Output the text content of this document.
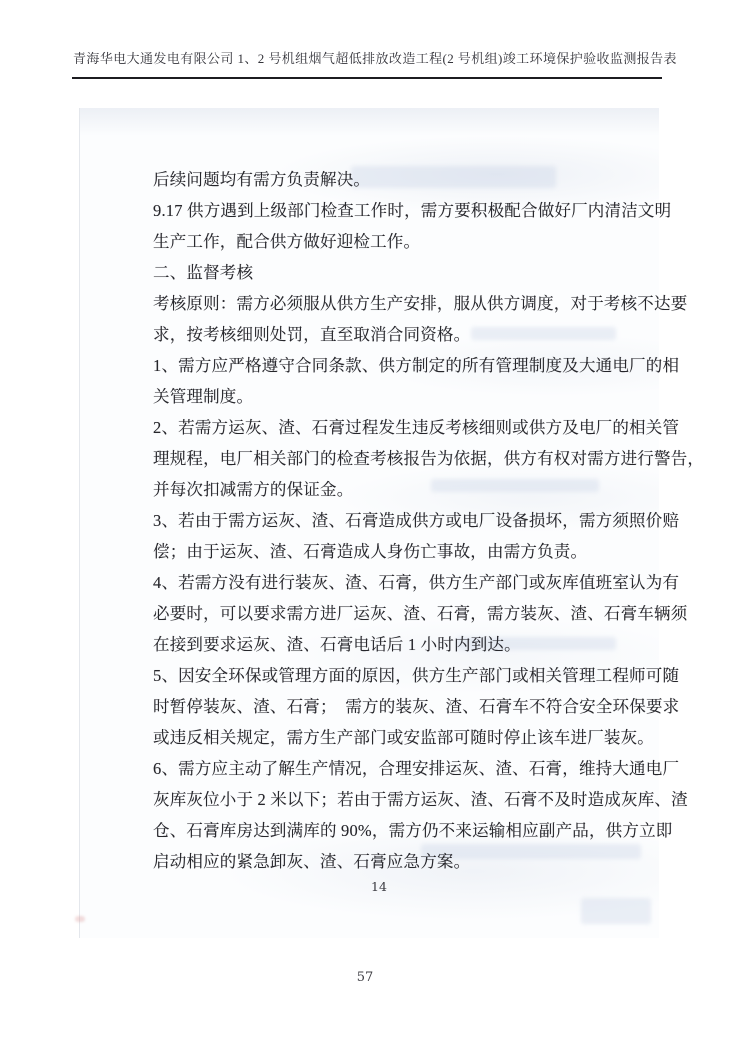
青海华电大通发电有限公司 1、2 号机组烟气超低排放改造工程(2 号机组)竣工环境保护验收监测报告表
后续问题均有需方负责解决。
9.17 供方遇到上级部门检查工作时，需方要积极配合做好厂内清洁文明
生产工作，配合供方做好迎检工作。
二、监督考核
考核原则：需方必须服从供方生产安排，服从供方调度，对于考核不达要
求，按考核细则处罚，直至取消合同资格。
1、需方应严格遵守合同条款、供方制定的所有管理制度及大通电厂的相
关管理制度。
2、若需方运灰、渣、石膏过程发生违反考核细则或供方及电厂的相关管
理规程，电厂相关部门的检查考核报告为依据，供方有权对需方进行警告，
并每次扣减需方的保证金。
3、若由于需方运灰、渣、石膏造成供方或电厂设备损坏，需方须照价赔
偿；由于运灰、渣、石膏造成人身伤亡事故，由需方负责。
4、若需方没有进行装灰、渣、石膏，供方生产部门或灰库值班室认为有
必要时，可以要求需方进厂运灰、渣、石膏，需方装灰、渣、石膏车辆须
在接到要求运灰、渣、石膏电话后 1 小时内到达。
5、因安全环保或管理方面的原因，供方生产部门或相关管理工程师可随
时暂停装灰、渣、石膏；  需方的装灰、渣、石膏车不符合安全环保要求
或违反相关规定，需方生产部门或安监部可随时停止该车进厂装灰。
6、需方应主动了解生产情况，合理安排运灰、渣、石膏，维持大通电厂
灰库灰位小于 2 米以下；若由于需方运灰、渣、石膏不及时造成灰库、渣
仓、石膏库房达到满库的 90%，需方仍不来运输相应副产品，供方立即
启动相应的紧急卸灰、渣、石膏应急方案。
14
57
